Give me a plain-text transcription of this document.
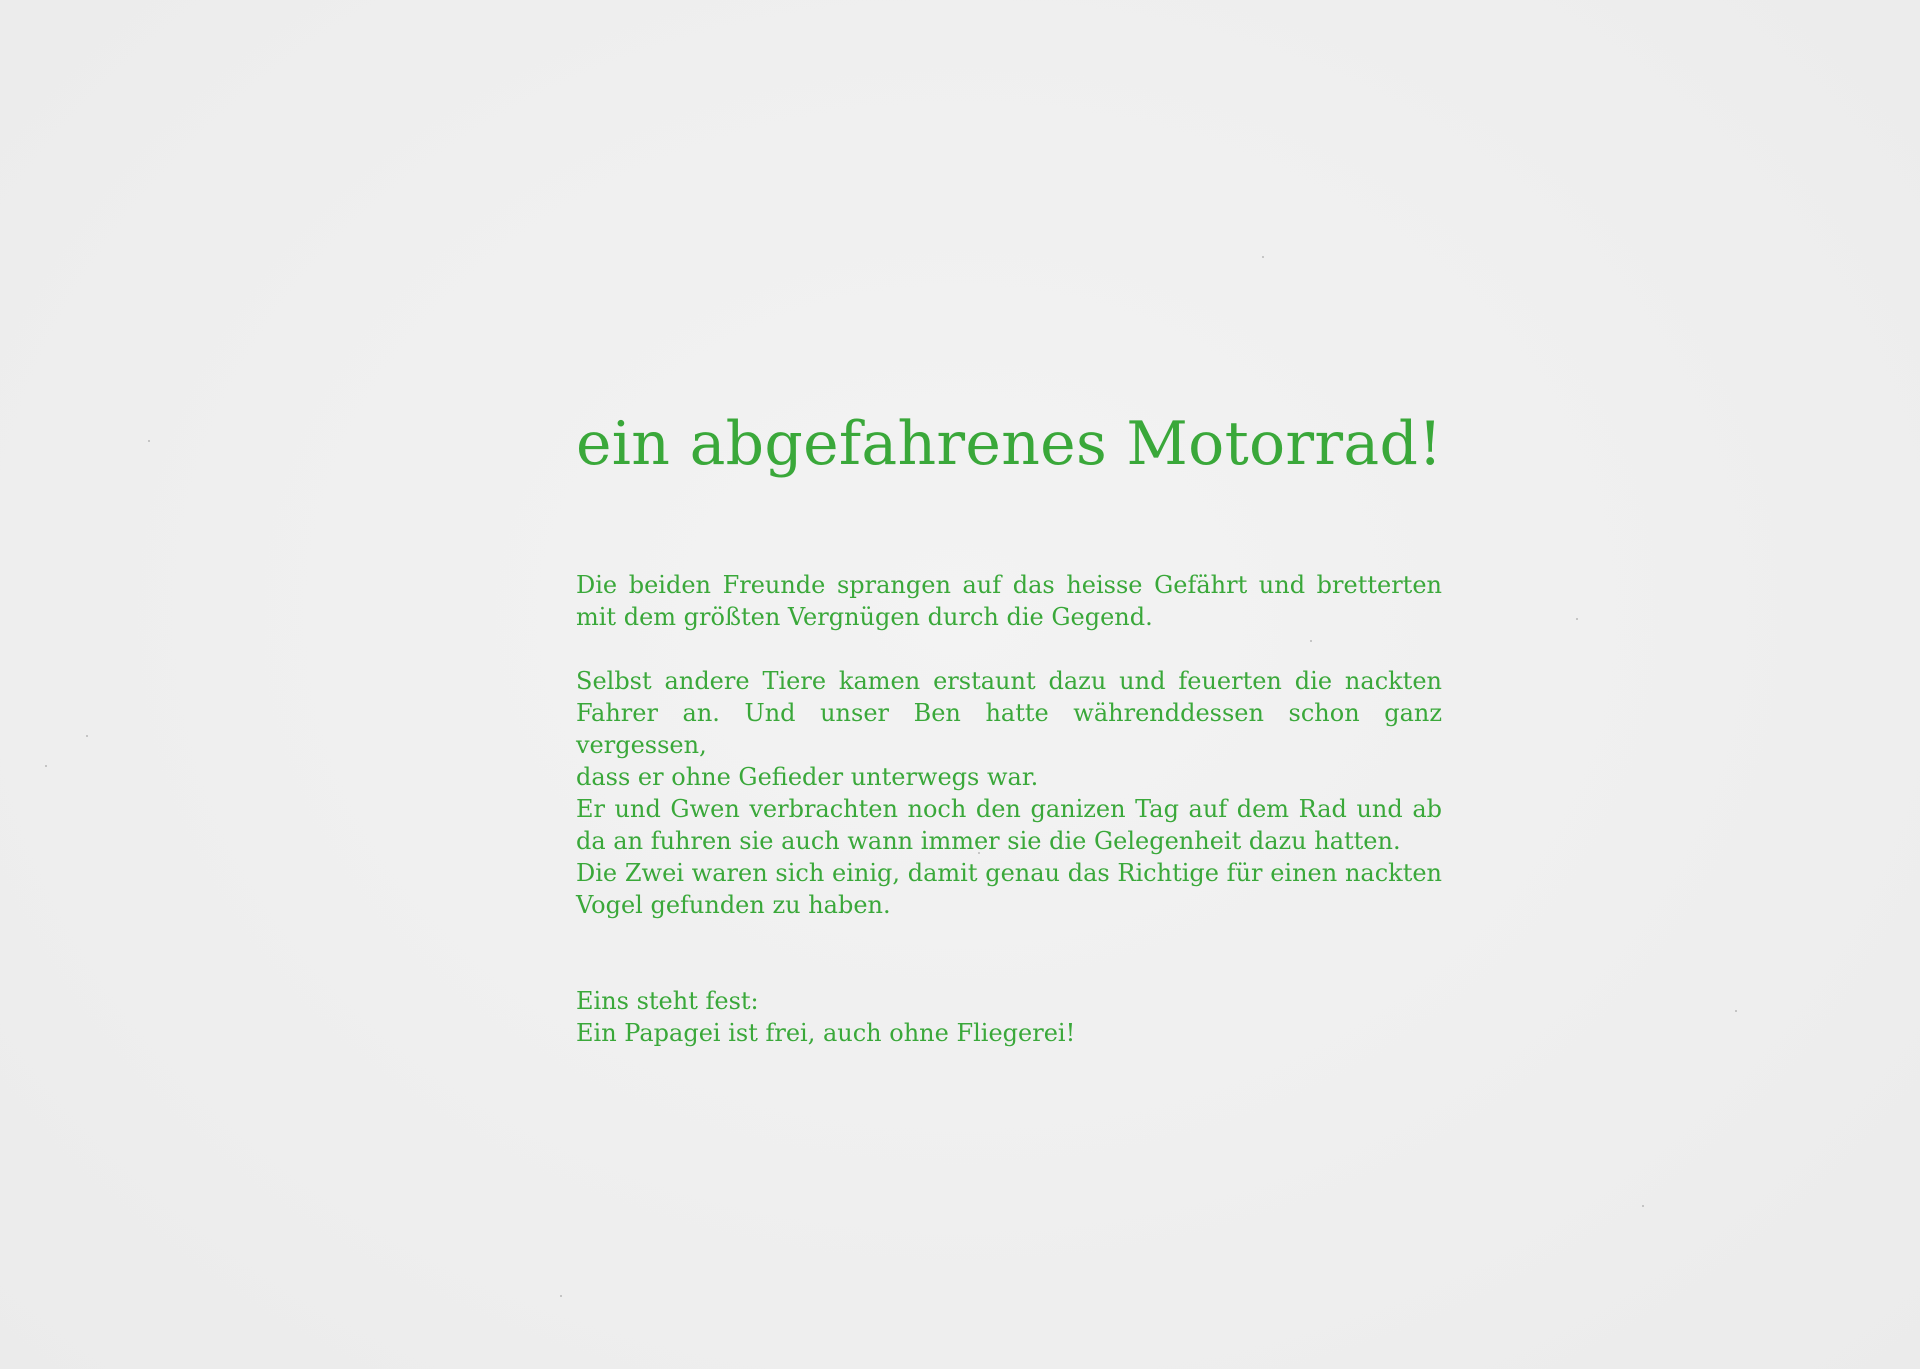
ein abgefahrenes Motorrad!

Die beiden Freunde sprangen auf das heisse Gefährt und bretterten
mit dem größten Vergnügen durch die Gegend.

Selbst andere Tiere kamen erstaunt dazu und feuerten die nackten
Fahrer an. Und unser Ben hatte währenddessen schon ganz vergessen,
dass er ohne Gefieder unterwegs war.
Er und Gwen verbrachten noch den ganizen Tag auf dem Rad und ab
da an fuhren sie auch wann immer sie die Gelegenheit dazu hatten.

Die Zwei waren sich einig, damit genau das Richtige für einen nackten
Vogel gefunden zu haben.

Eins steht fest:
Ein Papagei ist frei, auch ohne Fliegerei!
